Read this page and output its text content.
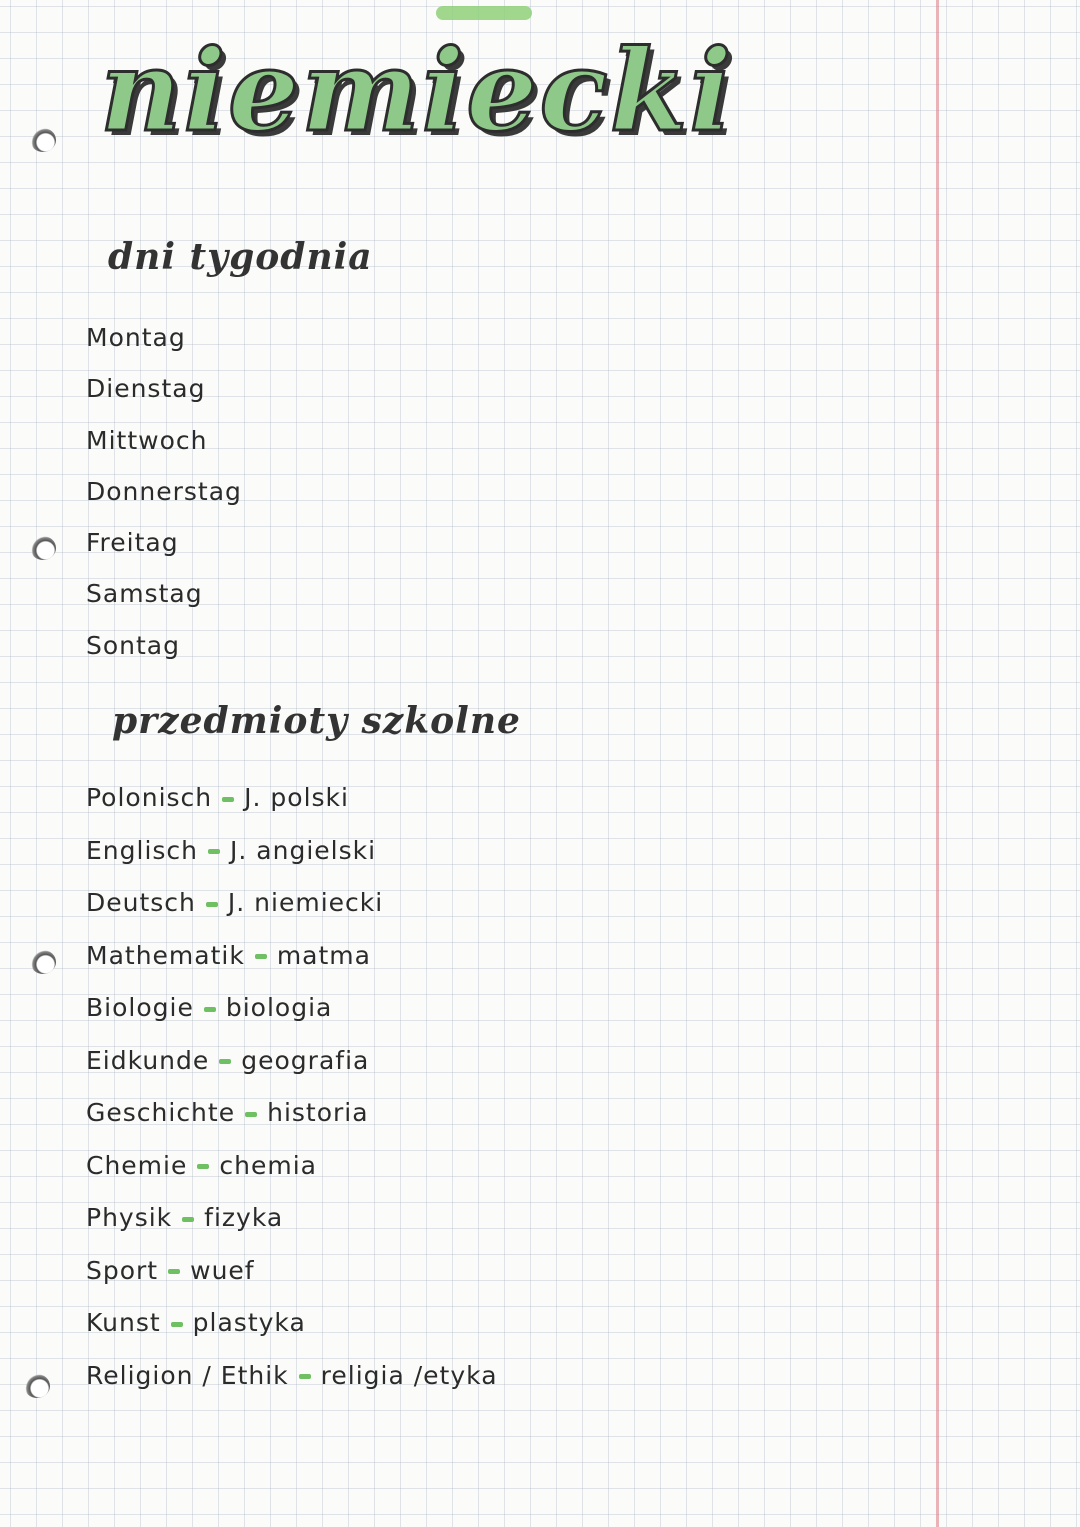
niemiecki
dni tygodnia
Montag
Dienstag
Mittwoch
Donnerstag
Freitag
Samstag
Sontag
przedmioty szkolne
Polonisch J. polski
Englisch J. angielski
Deutsch J. niemiecki
Mathematik matma
Biologie biologia
Eidkunde geografia
Geschichte historia
Chemie chemia
Physik fizyka
Sport wuef
Kunst plastyka
Religion / Ethik religia /etyka
